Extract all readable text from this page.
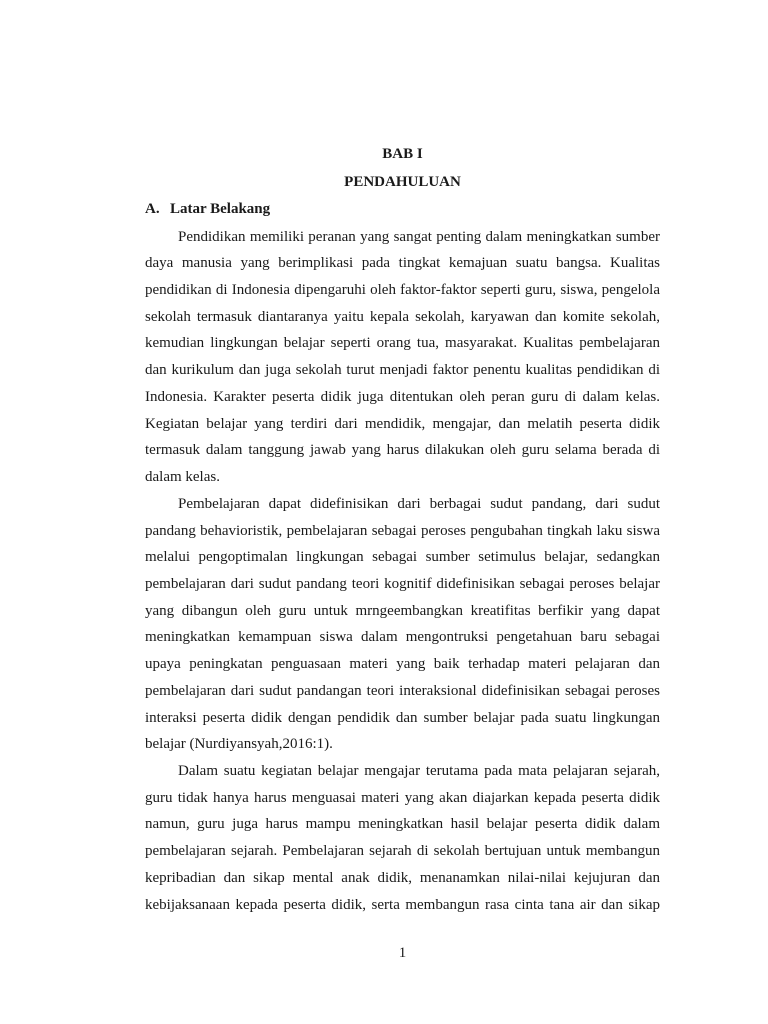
BAB I
PENDAHULUAN
A. Latar Belakang
Pendidikan memiliki peranan yang sangat penting dalam meningkatkan sumber
daya manusia yang berimplikasi pada tingkat kemajuan suatu bangsa. Kualitas
pendidikan di Indonesia dipengaruhi oleh faktor-faktor seperti guru, siswa, pengelola
sekolah termasuk diantaranya yaitu kepala sekolah, karyawan dan komite sekolah,
kemudian lingkungan belajar seperti orang tua, masyarakat. Kualitas pembelajaran
dan kurikulum dan juga sekolah turut menjadi faktor penentu kualitas pendidikan di
Indonesia. Karakter peserta didik juga ditentukan oleh peran guru di dalam kelas.
Kegiatan belajar yang terdiri dari mendidik, mengajar, dan melatih peserta didik
termasuk dalam tanggung jawab yang harus dilakukan oleh guru selama berada di
dalam kelas.
Pembelajaran dapat didefinisikan dari berbagai sudut pandang, dari sudut
pandang behavioristik, pembelajaran sebagai peroses pengubahan tingkah laku siswa
melalui pengoptimalan lingkungan sebagai sumber setimulus belajar, sedangkan
pembelajaran dari sudut pandang teori kognitif didefinisikan sebagai peroses belajar
yang dibangun oleh guru untuk mrngeembangkan kreatifitas berfikir yang dapat
meningkatkan kemampuan siswa dalam mengontruksi pengetahuan baru sebagai
upaya peningkatan penguasaan materi yang baik terhadap materi pelajaran dan
pembelajaran dari sudut pandangan teori interaksional didefinisikan sebagai peroses
interaksi peserta didik dengan pendidik dan sumber belajar pada suatu lingkungan
belajar (Nurdiyansyah,2016:1).
Dalam suatu kegiatan belajar mengajar terutama pada mata pelajaran sejarah,
guru tidak hanya harus menguasai materi yang akan diajarkan kepada peserta didik
namun, guru juga harus mampu meningkatkan hasil belajar peserta didik dalam
pembelajaran sejarah. Pembelajaran sejarah di sekolah bertujuan untuk membangun
kepribadian dan sikap mental anak didik, menanamkan nilai-nilai kejujuran dan
kebijaksanaan kepada peserta didik, serta membangun rasa cinta tana air dan sikap
1
